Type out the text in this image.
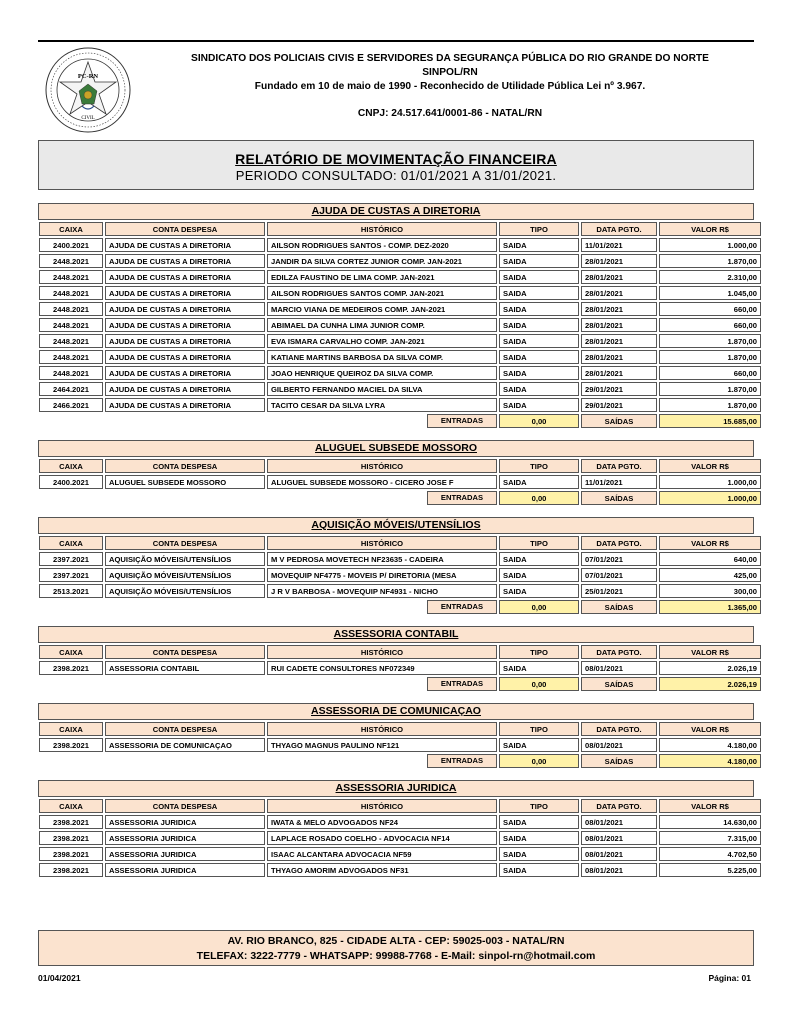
PC-RN
CIVIL
SINDICATO DOS POLICIAIS CIVIS E SERVIDORES DA SEGURANÇA PÚBLICA DO RIO GRANDE DO NORTE
SINPOL/RN
Fundado em 10 de maio de 1990 - Reconhecido de Utilidade Pública Lei nº 3.967.
CNPJ: 24.517.641/0001-86 - NATAL/RN
RELATÓRIO DE MOVIMENTAÇÃO FINANCEIRA
PERIODO CONSULTADO: 01/01/2021 A 31/01/2021.
AJUDA DE CUSTAS A DIRETORIA
CAIXA	CONTA DESPESA	HISTÓRICO	TIPO	DATA PGTO.	VALOR R$
2400.2021	AJUDA DE CUSTAS A DIRETORIA	AILSON RODRIGUES SANTOS - COMP. DEZ-2020	SAIDA	11/01/2021	1.000,00
2448.2021	AJUDA DE CUSTAS A DIRETORIA	JANDIR DA SILVA CORTEZ JUNIOR COMP. JAN-2021	SAIDA	28/01/2021	1.870,00
2448.2021	AJUDA DE CUSTAS A DIRETORIA	EDILZA FAUSTINO DE LIMA COMP. JAN-2021	SAIDA	28/01/2021	2.310,00
2448.2021	AJUDA DE CUSTAS A DIRETORIA	AILSON RODRIGUES SANTOS COMP. JAN-2021	SAIDA	28/01/2021	1.045,00
2448.2021	AJUDA DE CUSTAS A DIRETORIA	MARCIO VIANA DE MEDEIROS COMP. JAN-2021	SAIDA	28/01/2021	660,00
2448.2021	AJUDA DE CUSTAS A DIRETORIA	ABIMAEL DA CUNHA LIMA JUNIOR COMP.	SAIDA	28/01/2021	660,00
2448.2021	AJUDA DE CUSTAS A DIRETORIA	EVA ISMARA CARVALHO COMP. JAN-2021	SAIDA	28/01/2021	1.870,00
2448.2021	AJUDA DE CUSTAS A DIRETORIA	KATIANE MARTINS BARBOSA DA SILVA COMP.	SAIDA	28/01/2021	1.870,00
2448.2021	AJUDA DE CUSTAS A DIRETORIA	JOAO HENRIQUE QUEIROZ DA SILVA COMP.	SAIDA	28/01/2021	660,00
2464.2021	AJUDA DE CUSTAS A DIRETORIA	GILBERTO FERNANDO MACIEL DA SILVA	SAIDA	29/01/2021	1.870,00
2466.2021	AJUDA DE CUSTAS A DIRETORIA	TACITO CESAR DA SILVA LYRA	SAIDA	29/01/2021	1.870,00

		ENTRADAS	0,00	SAÍDAS	15.685,00
ALUGUEL SUBSEDE MOSSORO
CAIXA	CONTA DESPESA	HISTÓRICO	TIPO	DATA PGTO.	VALOR R$
2400.2021	ALUGUEL SUBSEDE MOSSORO	ALUGUEL SUBSEDE MOSSORO - CICERO JOSE F	SAIDA	11/01/2021	1.000,00

		ENTRADAS	0,00	SAÍDAS	1.000,00
AQUISIÇÃO MÓVEIS/UTENSÍLIOS
CAIXA	CONTA DESPESA	HISTÓRICO	TIPO	DATA PGTO.	VALOR R$
2397.2021	AQUISIÇÃO MÓVEIS/UTENSÍLIOS	M V PEDROSA MOVETECH NF23635 - CADEIRA	SAIDA	07/01/2021	640,00
2397.2021	AQUISIÇÃO MÓVEIS/UTENSÍLIOS	MOVEQUIP NF4775 - MOVEIS P/ DIRETORIA (MESA	SAIDA	07/01/2021	425,00
2513.2021	AQUISIÇÃO MÓVEIS/UTENSÍLIOS	J R V BARBOSA - MOVEQUIP NF4931 - NICHO	SAIDA	25/01/2021	300,00

		ENTRADAS	0,00	SAÍDAS	1.365,00
ASSESSORIA CONTABIL
CAIXA	CONTA DESPESA	HISTÓRICO	TIPO	DATA PGTO.	VALOR R$
2398.2021	ASSESSORIA CONTABIL	RUI CADETE CONSULTORES NF072349	SAIDA	08/01/2021	2.026,19

		ENTRADAS	0,00	SAÍDAS	2.026,19
ASSESSORIA DE COMUNICAÇAO
CAIXA	CONTA DESPESA	HISTÓRICO	TIPO	DATA PGTO.	VALOR R$
2398.2021	ASSESSORIA DE COMUNICAÇAO	THYAGO MAGNUS PAULINO NF121	SAIDA	08/01/2021	4.180,00

		ENTRADAS	0,00	SAÍDAS	4.180,00
ASSESSORIA JURIDICA
CAIXA	CONTA DESPESA	HISTÓRICO	TIPO	DATA PGTO.	VALOR R$
2398.2021	ASSESSORIA JURIDICA	IWATA & MELO ADVOGADOS NF24	SAIDA	08/01/2021	14.630,00
2398.2021	ASSESSORIA JURIDICA	LAPLACE ROSADO COELHO - ADVOCACIA NF14	SAIDA	08/01/2021	7.315,00
2398.2021	ASSESSORIA JURIDICA	ISAAC ALCANTARA ADVOCACIA NF59	SAIDA	08/01/2021	4.702,50
2398.2021	ASSESSORIA JURIDICA	THYAGO AMORIM ADVOGADOS NF31	SAIDA	08/01/2021	5.225,00
AV. RIO BRANCO, 825 - CIDADE ALTA - CEP: 59025-003 - NATAL/RN
TELEFAX: 3222-7779 - WHATSAPP: 99988-7768 - E-Mail: sinpol-rn@hotmail.com
01/04/2021	Página: 01
